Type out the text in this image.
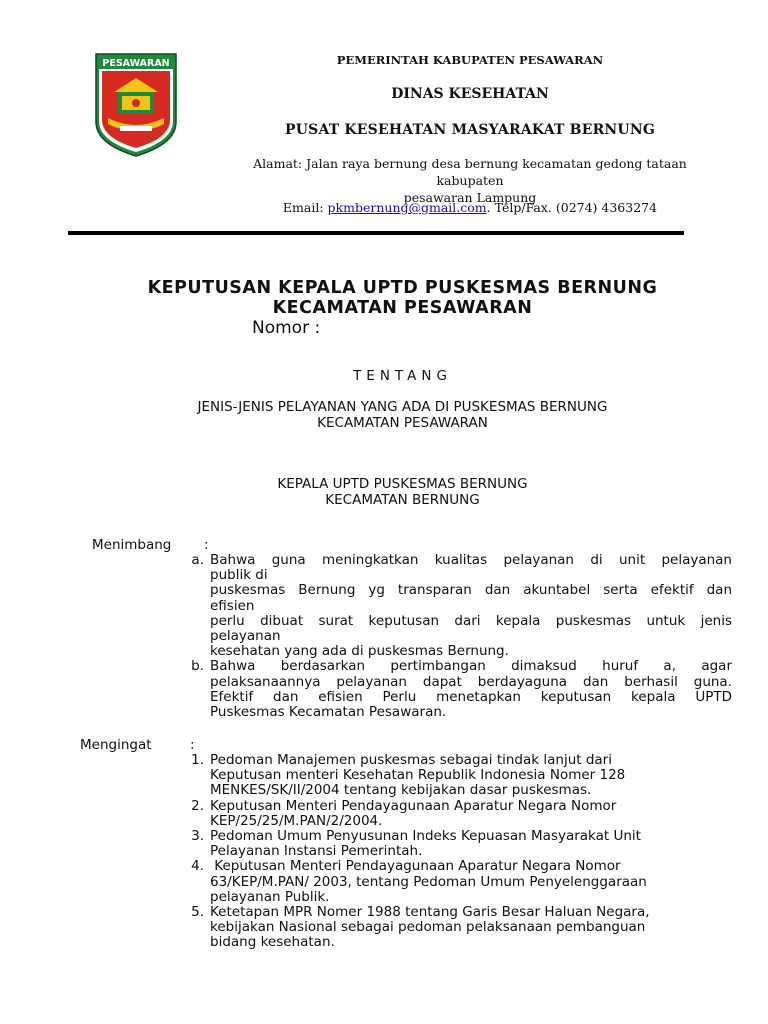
PESAWARAN	PEMERINTAH KABUPATEN PESAWARAN
DINAS KESEHATAN
PUSAT KESEHATAN MASYARAKAT BERNUNG
Alamat: Jalan raya bernung desa bernung kecamatan gedong tataan kabupaten
pesawaran Lampung
Email: pkmbernung@gmail.com. Telp/Fax. (0274) 4363274
KEPUTUSAN KEPALA UPTD PUSKESMAS BERNUNG
KECAMATAN PESAWARAN
Nomor :
TENTANG
JENIS-JENIS PELAYANAN YANG ADA DI PUSKESMAS BERNUNG
KECAMATAN PESAWARAN
KEPALA UPTD PUSKESMAS BERNUNG
KECAMATAN BERNUNG
Menimbang :
a. Bahwa guna meningkatkan kualitas pelayanan di unit pelayanan
publik di
puskesmas Bernung yg transparan dan akuntabel serta efektif dan
efisien
perlu dibuat surat keputusan dari kepala puskesmas untuk jenis
pelayanan
kesehatan yang ada di puskesmas Bernung.
b. Bahwa berdasarkan pertimbangan dimaksud huruf a, agar
pelaksanaannya pelayanan dapat berdayaguna dan berhasil guna.
Efektif dan efisien Perlu menetapkan keputusan kepala UPTD
Puskesmas Kecamatan Pesawaran.
Mengingat	:
1. Pedoman Manajemen puskesmas sebagai tindak lanjut dari
Keputusan menteri Kesehatan Republik Indonesia Nomer 128
MENKES/SK/II/2004 tentang kebijakan dasar puskesmas.
2. Keputusan Menteri Pendayagunaan Aparatur Negara Nomor
KEP/25/25/M.PAN/2/2004.
3. Pedoman Umum Penyusunan Indeks Kepuasan Masyarakat Unit
Pelayanan Instansi Pemerintah.
4. Keputusan Menteri Pendayagunaan Aparatur Negara Nomor
63/KEP/M.PAN/ 2003, tentang Pedoman Umum Penyelenggaraan
pelayanan Publik.
5. Ketetapan MPR Nomer 1988 tentang Garis Besar Haluan Negara,
kebijakan Nasional sebagai pedoman pelaksanaan pembanguan
bidang kesehatan.
